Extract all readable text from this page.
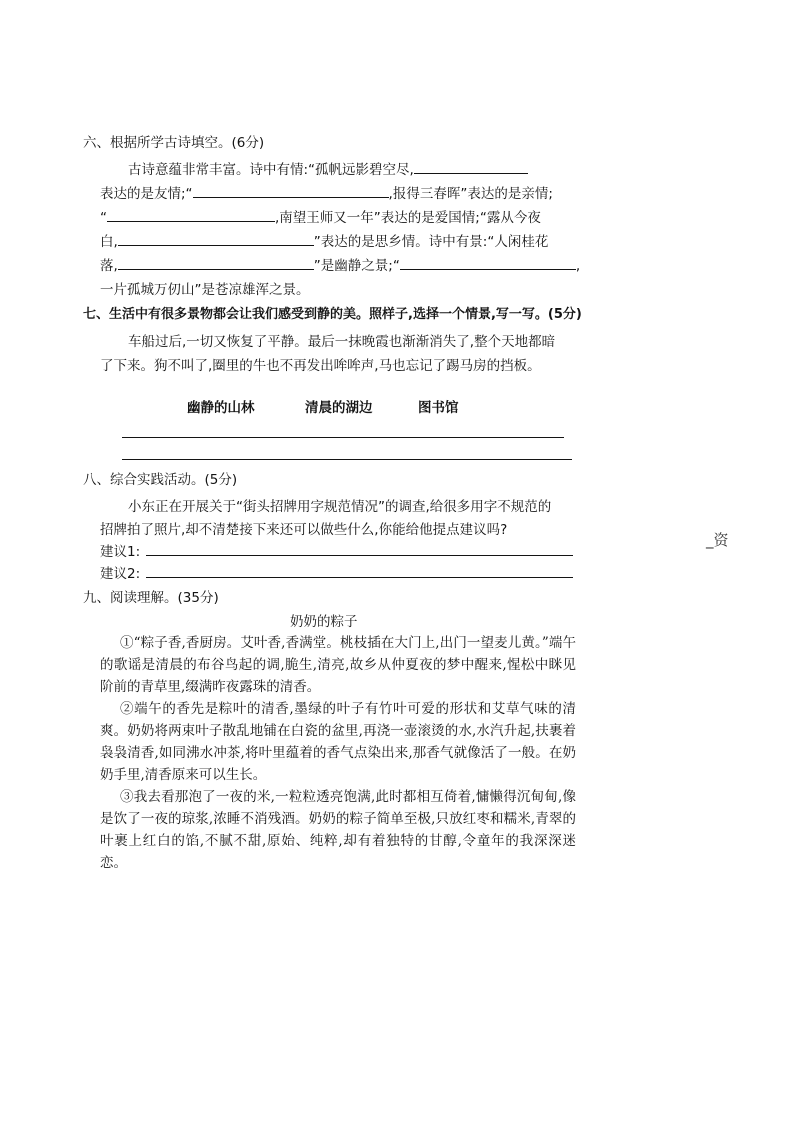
六、根据所学古诗填空。(6分)
古诗意蕴非常丰富。诗中有情:“孤帆远影碧空尽,
表达的是友情;“	,报得三春晖”表达的是亲情;
“	,南望王师又一年”表达的是爱国情;“露从今夜
白,	”表达的是思乡情。诗中有景:“人闲桂花
落,	”是幽静之景;“	,
一片孤城万仞山”是苍凉雄浑之景。
七、生活中有很多景物都会让我们感受到静的美。照样子,选择一个情景,写一写。(5分)
车船过后,一切又恢复了平静。最后一抹晚霞也渐渐消失了,整个天地都暗
了下来。狗不叫了,圈里的牛也不再发出哞哞声,马也忘记了踢马房的挡板。
幽静的山林	清晨的湖边	图书馆
八、综合实践活动。(5分)
小东正在开展关于“街头招牌用字规范情况”的调查,给很多用字不规范的
招牌拍了照片,却不清楚接下来还可以做些什么,你能给他提点建议吗?
建议1:
建议2:
_资
九、阅读理解。(35分)
奶奶的粽子
①“粽子香,香厨房。艾叶香,香满堂。桃枝插在大门上,出门一望麦儿黄。”端午的歌谣是清晨的布谷鸟起的调,脆生,清亮,故乡从仲夏夜的梦中醒来,惺松中眯见阶前的青草里,缀满昨夜露珠的清香。
②端午的香先是粽叶的清香,墨绿的叶子有竹叶可爱的形状和艾草气味的清爽。奶奶将两束叶子散乱地铺在白瓷的盆里,再浇一壶滚烫的水,水汽升起,扶裹着袅袅清香,如同沸水冲茶,将叶里蕴着的香气点染出来,那香气就像活了一般。在奶奶手里,清香原来可以生长。
③我去看那泡了一夜的米,一粒粒透亮饱满,此时都相互倚着,慵懒得沉甸甸,像是饮了一夜的琼浆,浓睡不消残酒。奶奶的粽子简单至极,只放红枣和糯米,青翠的叶裹上红白的馅,不腻不甜,原始、纯粹,却有着独特的甘醇,令童年的我深深迷恋。
